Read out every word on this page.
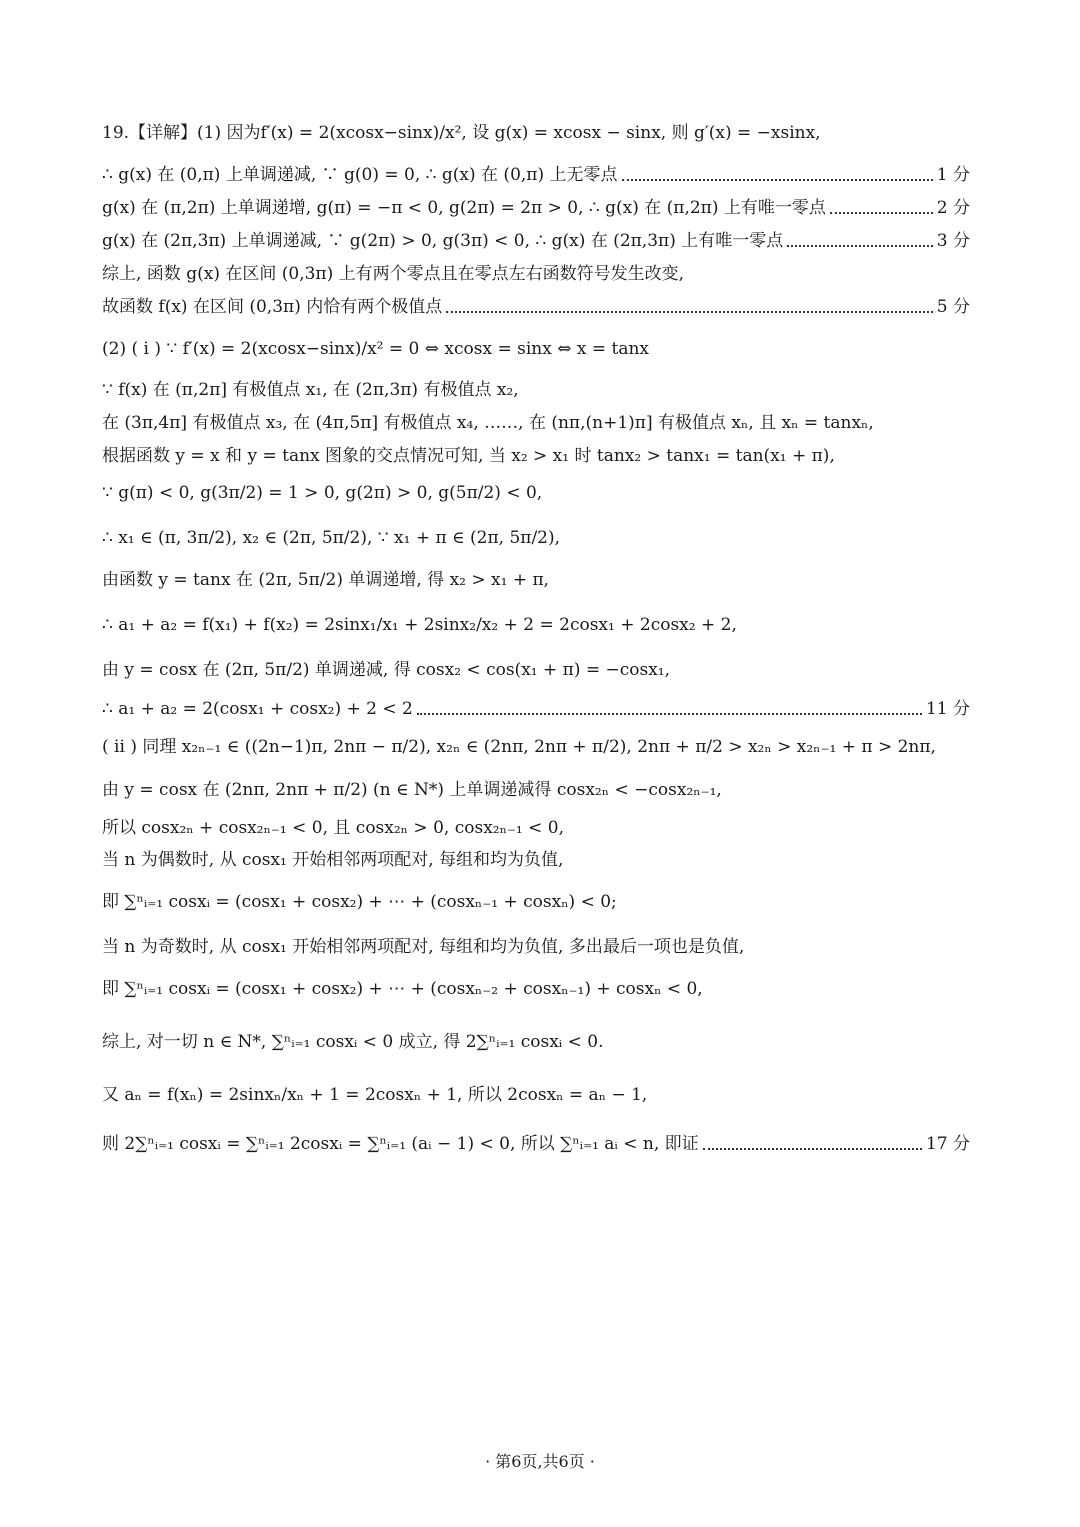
19.【详解】(1) 因为f′(x) = 2(xcosx−sinx)/x², 设 g(x) = xcosx − sinx, 则 g′(x) = −xsinx,
∴ g(x) 在 (0,π) 上单调递减, ∵ g(0) = 0, ∴ g(x) 在 (0,π) 上无零点	1 分
g(x) 在 (π,2π) 上单调递增, g(π) = −π < 0, g(2π) = 2π > 0, ∴ g(x) 在 (π,2π) 上有唯一零点	2 分
g(x) 在 (2π,3π) 上单调递减, ∵ g(2π) > 0, g(3π) < 0, ∴ g(x) 在 (2π,3π) 上有唯一零点	3 分
综上, 函数 g(x) 在区间 (0,3π) 上有两个零点且在零点左右函数符号发生改变,
故函数 f(x) 在区间 (0,3π) 内恰有两个极值点	5 分
(2) ( i ) ∵ f′(x) = 2(xcosx−sinx)/x² = 0 ⇔ xcosx = sinx ⇔ x = tanx
∵ f(x) 在 (π,2π] 有极值点 x₁, 在 (2π,3π) 有极值点 x₂,
在 (3π,4π] 有极值点 x₃, 在 (4π,5π] 有极值点 x₄, ……, 在 (nπ,(n+1)π] 有极值点 xₙ, 且 xₙ = tanxₙ,
根据函数 y = x 和 y = tanx 图象的交点情况可知, 当 x₂ > x₁ 时 tanx₂ > tanx₁ = tan(x₁ + π),
∵ g(π) < 0, g(3π/2) = 1 > 0, g(2π) > 0, g(5π/2) < 0,
∴ x₁ ∈ (π, 3π/2), x₂ ∈ (2π, 5π/2), ∵ x₁ + π ∈ (2π, 5π/2),
由函数 y = tanx 在 (2π, 5π/2) 单调递增, 得 x₂ > x₁ + π,
∴ a₁ + a₂ = f(x₁) + f(x₂) = 2sinx₁/x₁ + 2sinx₂/x₂ + 2 = 2cosx₁ + 2cosx₂ + 2,
由 y = cosx 在 (2π, 5π/2) 单调递减, 得 cosx₂ < cos(x₁ + π) = −cosx₁,
∴ a₁ + a₂ = 2(cosx₁ + cosx₂) + 2 < 2	11 分
( ii ) 同理 x₂ₙ₋₁ ∈ ((2n−1)π, 2nπ − π/2), x₂ₙ ∈ (2nπ, 2nπ + π/2), 2nπ + π/2 > x₂ₙ > x₂ₙ₋₁ + π > 2nπ,
由 y = cosx 在 (2nπ, 2nπ + π/2) (n ∈ N*) 上单调递减得 cosx₂ₙ < −cosx₂ₙ₋₁,
所以 cosx₂ₙ + cosx₂ₙ₋₁ < 0, 且 cosx₂ₙ > 0, cosx₂ₙ₋₁ < 0,
当 n 为偶数时, 从 cosx₁ 开始相邻两项配对, 每组和均为负值,
即 ∑ⁿᵢ₌₁ cosxᵢ = (cosx₁ + cosx₂) + ⋯ + (cosxₙ₋₁ + cosxₙ) < 0;
当 n 为奇数时, 从 cosx₁ 开始相邻两项配对, 每组和均为负值, 多出最后一项也是负值,
即 ∑ⁿᵢ₌₁ cosxᵢ = (cosx₁ + cosx₂) + ⋯ + (cosxₙ₋₂ + cosxₙ₋₁) + cosxₙ < 0,
综上, 对一切 n ∈ N*, ∑ⁿᵢ₌₁ cosxᵢ < 0 成立, 得 2∑ⁿᵢ₌₁ cosxᵢ < 0.
又 aₙ = f(xₙ) = 2sinxₙ/xₙ + 1 = 2cosxₙ + 1, 所以 2cosxₙ = aₙ − 1,
则 2∑ⁿᵢ₌₁ cosxᵢ = ∑ⁿᵢ₌₁ 2cosxᵢ = ∑ⁿᵢ₌₁ (aᵢ − 1) < 0, 所以 ∑ⁿᵢ₌₁ aᵢ < n, 即证	17 分
· 第6页,共6页 ·
